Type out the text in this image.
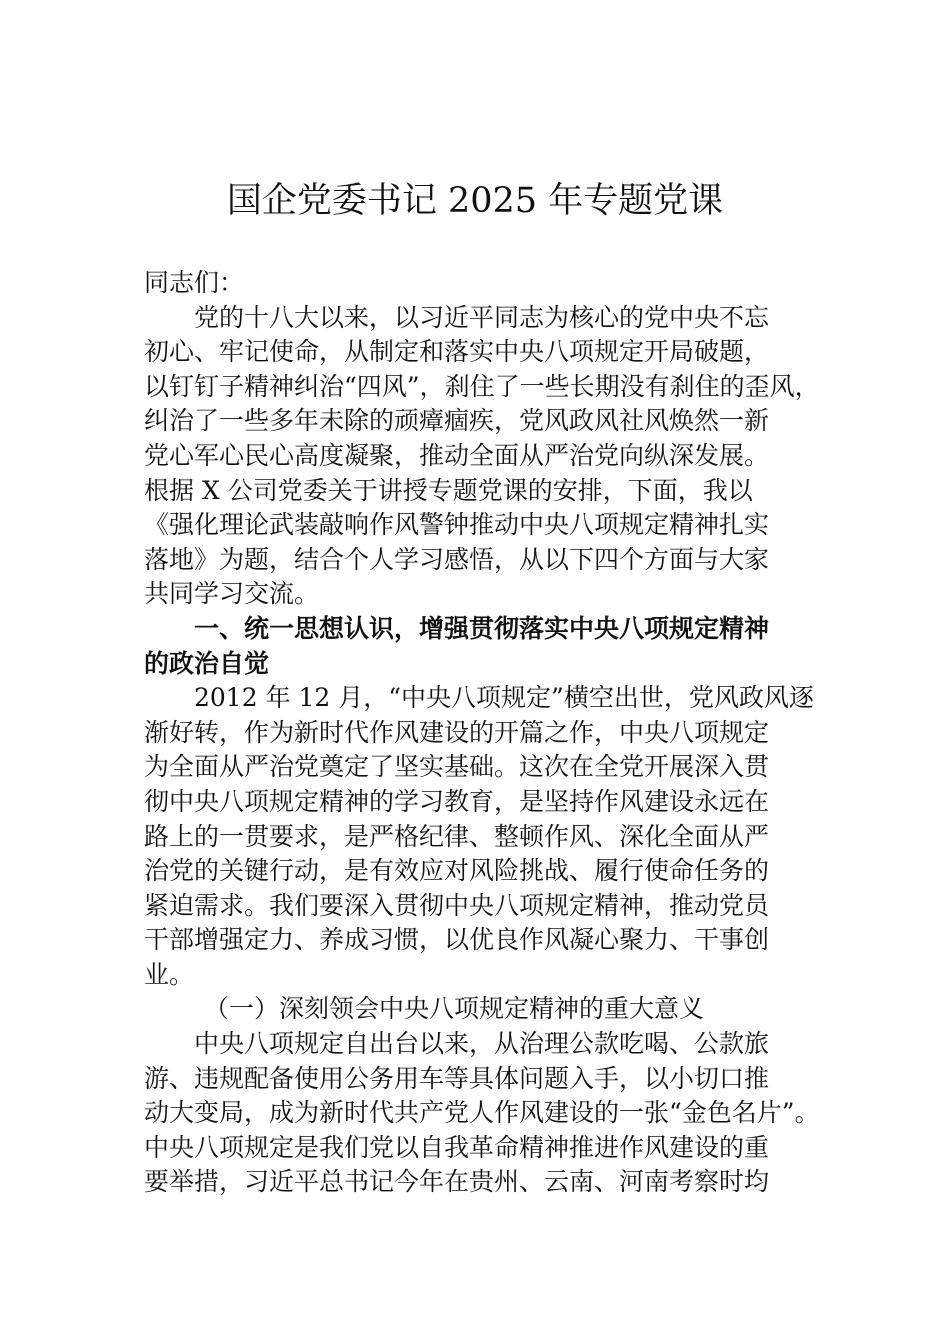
国企党委书记 2025 年专题党课
同志们：
党的十八大以来，以习近平同志为核心的党中央不忘
初心、牢记使命，从制定和落实中央八项规定开局破题，
以钉钉子精神纠治“四风”，刹住了一些长期没有刹住的歪风，
纠治了一些多年未除的顽瘴痼疾，党风政风社风焕然一新
党心军心民心高度凝聚，推动全面从严治党向纵深发展。
根据 X 公司党委关于讲授专题党课的安排，下面，我以
《强化理论武装敲响作风警钟推动中央八项规定精神扎实
落地》为题，结合个人学习感悟，从以下四个方面与大家
共同学习交流。
一、统一思想认识，增强贯彻落实中央八项规定精神
的政治自觉
2012 年 12 月，“中央八项规定”横空出世，党风政风逐
渐好转，作为新时代作风建设的开篇之作，中央八项规定
为全面从严治党奠定了坚实基础。这次在全党开展深入贯
彻中央八项规定精神的学习教育，是坚持作风建设永远在
路上的一贯要求，是严格纪律、整顿作风、深化全面从严
治党的关键行动，是有效应对风险挑战、履行使命任务的
紧迫需求。我们要深入贯彻中央八项规定精神，推动党员
干部增强定力、养成习惯，以优良作风凝心聚力、干事创
业。
（一）深刻领会中央八项规定精神的重大意义
中央八项规定自出台以来，从治理公款吃喝、公款旅
游、违规配备使用公务用车等具体问题入手，以小切口推
动大变局，成为新时代共产党人作风建设的一张“金色名片”。
中央八项规定是我们党以自我革命精神推进作风建设的重
要举措，习近平总书记今年在贵州、云南、河南考察时均
